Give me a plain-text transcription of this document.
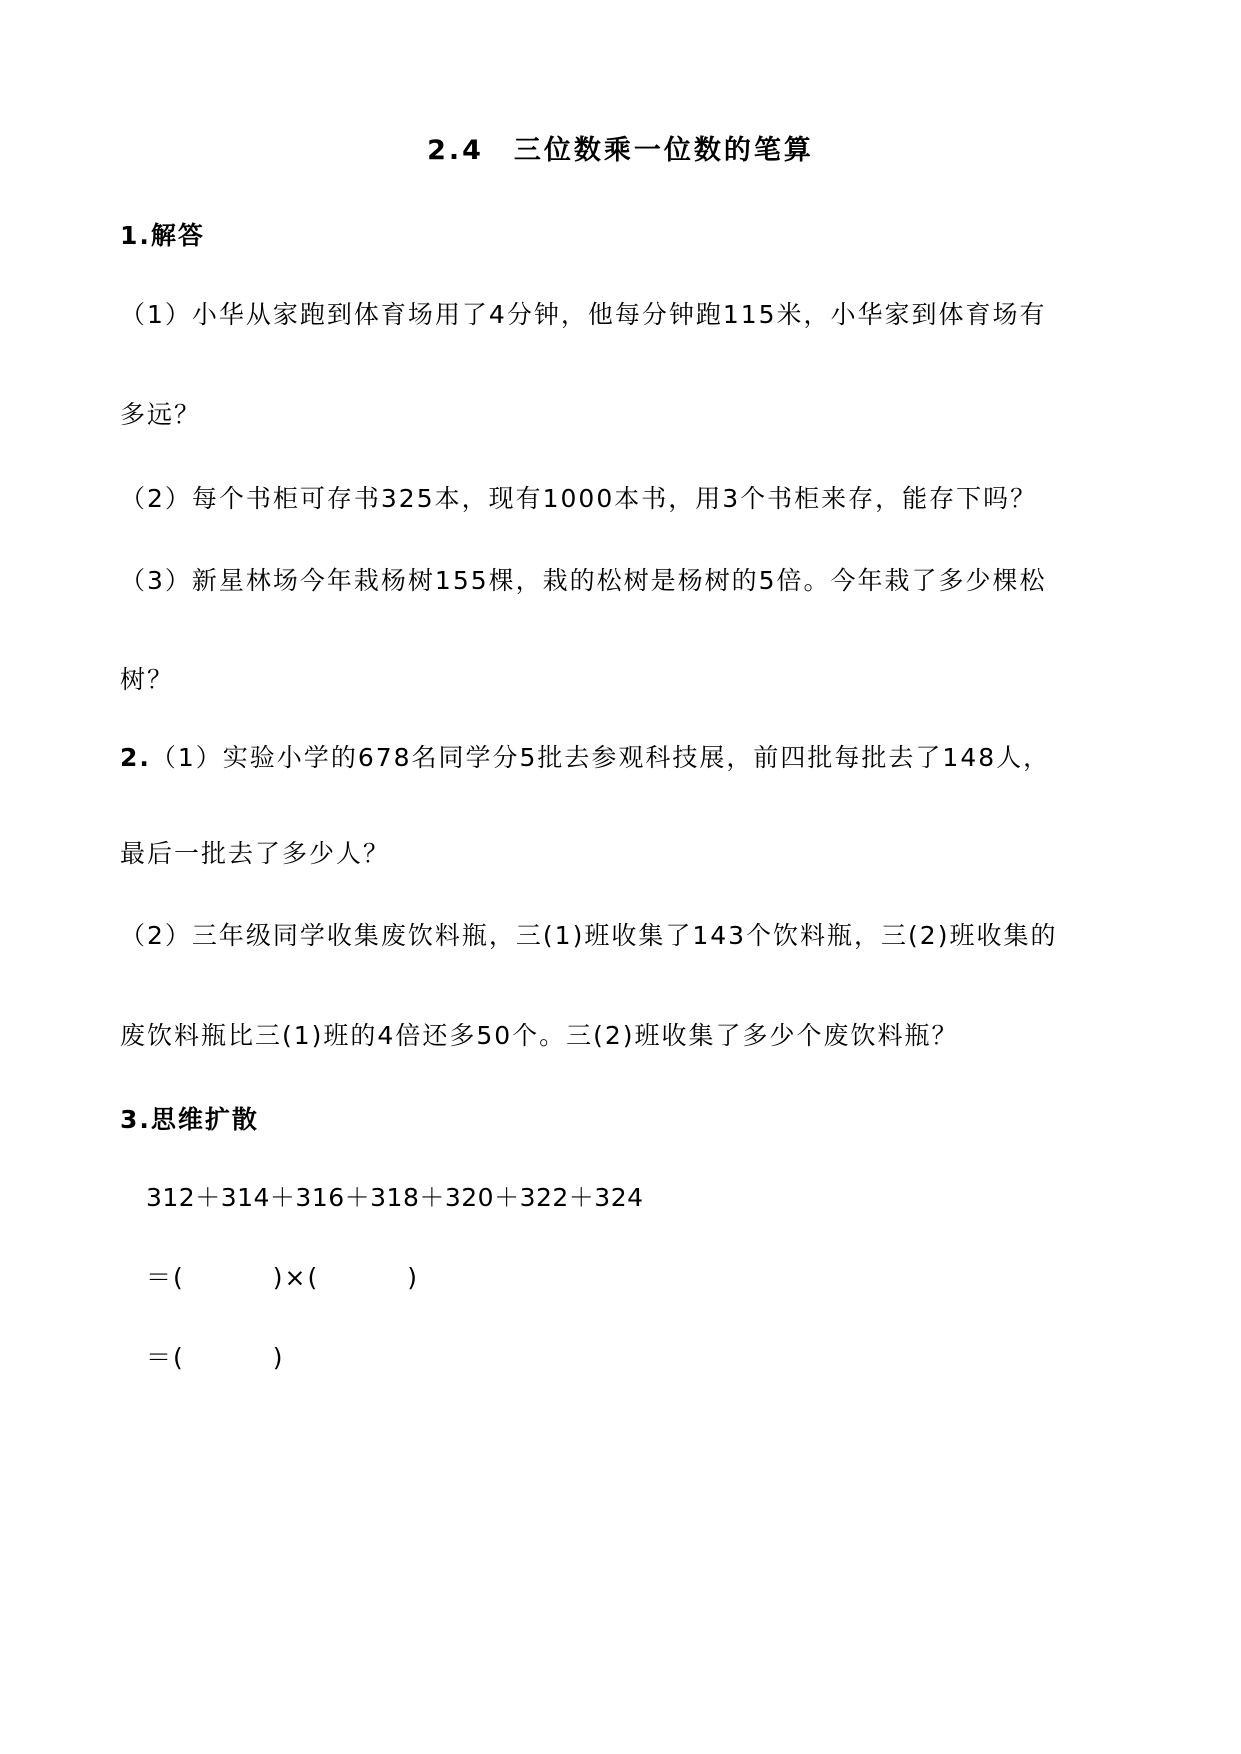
2.4　三位数乘一位数的笔算
1.解答
（1）小华从家跑到体育场用了4分钟，他每分钟跑115米，小华家到体育场有
多远？
（2）每个书柜可存书325本，现有1000本书，用3个书柜来存，能存下吗？
（3）新星林场今年栽杨树155棵，栽的松树是杨树的5倍。今年栽了多少棵松
树？
2.（1）实验小学的678名同学分5批去参观科技展，前四批每批去了148人，
最后一批去了多少人？
（2）三年级同学收集废饮料瓶，三(1)班收集了143个饮料瓶，三(2)班收集的
废饮料瓶比三(1)班的4倍还多50个。三(2)班收集了多少个废饮料瓶？
3.思维扩散
312＋314＋316＋318＋320＋322＋324
＝(	)×(	)
＝(	)
